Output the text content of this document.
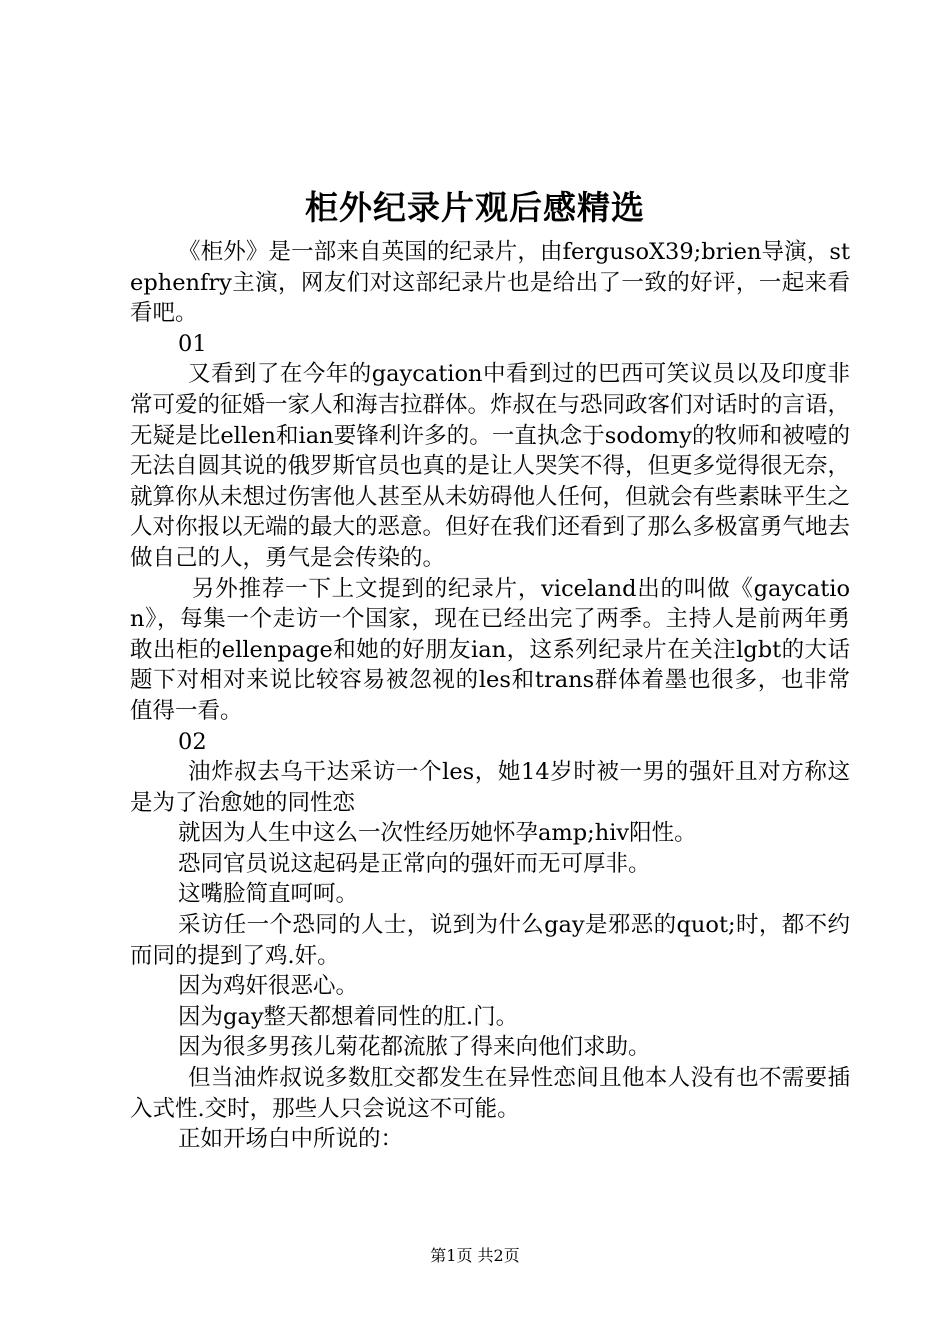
柜外纪录片观后感精选

《柜外》是一部来自英国的纪录片，由fergusoX39;brien导演，stephenfry主演，网友们对这部纪录片也是给出了一致的好评，一起来看看吧。

01

又看到了在今年的gaycation中看到过的巴西可笑议员以及印度非常可爱的征婚一家人和海吉拉群体。炸叔在与恐同政客们对话时的言语，无疑是比ellen和ian要锋利许多的。一直执念于sodomy的牧师和被噎的无法自圆其说的俄罗斯官员也真的是让人哭笑不得，但更多觉得很无奈，就算你从未想过伤害他人甚至从未妨碍他人任何，但就会有些素昧平生之人对你报以无端的最大的恶意。但好在我们还看到了那么多极富勇气地去做自己的人，勇气是会传染的。

另外推荐一下上文提到的纪录片，viceland出的叫做《gaycation》，每集一个走访一个国家，现在已经出完了两季。主持人是前两年勇敢出柜的ellenpage和她的好朋友ian，这系列纪录片在关注lgbt的大话题下对相对来说比较容易被忽视的les和trans群体着墨也很多，也非常值得一看。

02

油炸叔去乌干达采访一个les，她14岁时被一男的强奸且对方称这是为了治愈她的同性恋

就因为人生中这么一次性经历她怀孕amp;hiv阳性。

恐同官员说这起码是正常向的强奸而无可厚非。

这嘴脸简直呵呵。

采访任一个恐同的人士，说到为什么gay是邪恶的quot;时，都不约而同的提到了鸡.奸。

因为鸡奸很恶心。

因为gay整天都想着同性的肛.门。

因为很多男孩儿菊花都流脓了得来向他们求助。

但当油炸叔说多数肛交都发生在异性恋间且他本人没有也不需要插入式性.交时，那些人只会说这不可能。

正如开场白中所说的：

第1页 共2页
